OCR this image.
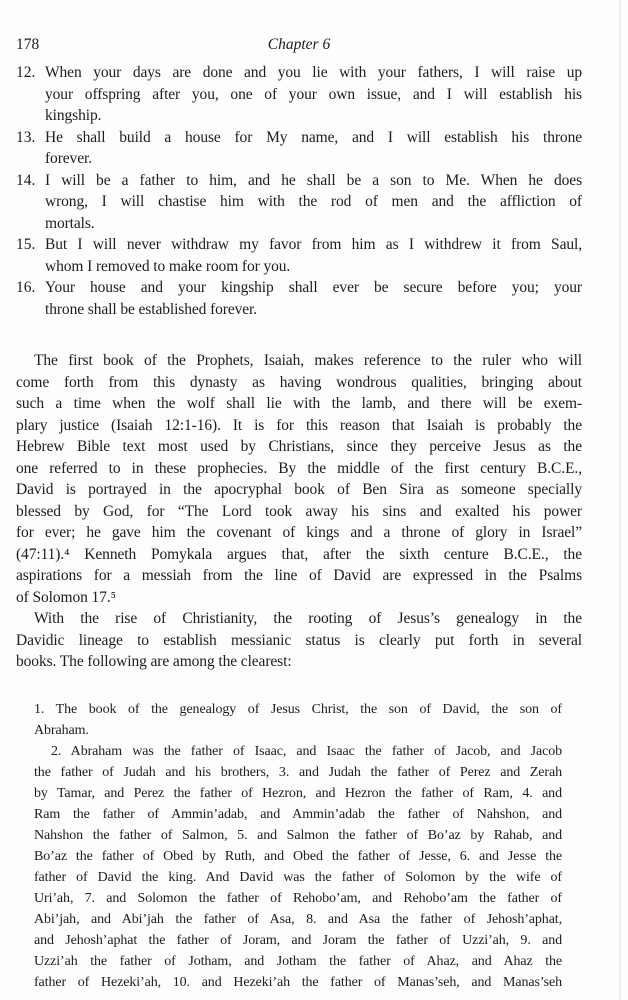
178	Chapter 6
12. When your days are done and you lie with your fathers, I will raise up
your offspring after you, one of your own issue, and I will establish his
kingship.
13. He shall build a house for My name, and I will establish his throne
forever.
14. I will be a father to him, and he shall be a son to Me. When he does
wrong, I will chastise him with the rod of men and the affliction of
mortals.
15. But I will never withdraw my favor from him as I withdrew it from Saul,
whom I removed to make room for you.
16. Your house and your kingship shall ever be secure before you; your
throne shall be established forever.
The first book of the Prophets, Isaiah, makes reference to the ruler who will
come forth from this dynasty as having wondrous qualities, bringing about
such a time when the wolf shall lie with the lamb, and there will be exem-
plary justice (Isaiah 12:1-16). It is for this reason that Isaiah is probably the
Hebrew Bible text most used by Christians, since they perceive Jesus as the
one referred to in these prophecies. By the middle of the first century B.C.E.,
David is portrayed in the apocryphal book of Ben Sira as someone specially
blessed by God, for “The Lord took away his sins and exalted his power
for ever; he gave him the covenant of kings and a throne of glory in Israel”
(47:11).⁴ Kenneth Pomykala argues that, after the sixth centure B.C.E., the
aspirations for a messiah from the line of David are expressed in the Psalms
of Solomon 17.⁵
With the rise of Christianity, the rooting of Jesus’s genealogy in the
Davidic lineage to establish messianic status is clearly put forth in several
books. The following are among the clearest:
1. The book of the genealogy of Jesus Christ, the son of David, the son of
Abraham.
2. Abraham was the father of Isaac, and Isaac the father of Jacob, and Jacob
the father of Judah and his brothers, 3. and Judah the father of Perez and Zerah
by Tamar, and Perez the father of Hezron, and Hezron the father of Ram, 4. and
Ram the father of Ammin’adab, and Ammin’adab the father of Nahshon, and
Nahshon the father of Salmon, 5. and Salmon the father of Bo’az by Rahab, and
Bo’az the father of Obed by Ruth, and Obed the father of Jesse, 6. and Jesse the
father of David the king. And David was the father of Solomon by the wife of
Uri’ah, 7. and Solomon the father of Rehobo’am, and Rehobo’am the father of
Abi’jah, and Abi’jah the father of Asa, 8. and Asa the father of Jehosh’aphat,
and Jehosh’aphat the father of Joram, and Joram the father of Uzzi’ah, 9. and
Uzzi’ah the father of Jotham, and Jotham the father of Ahaz, and Ahaz the
father of Hezeki’ah, 10. and Hezeki’ah the father of Manas’seh, and Manas’seh
